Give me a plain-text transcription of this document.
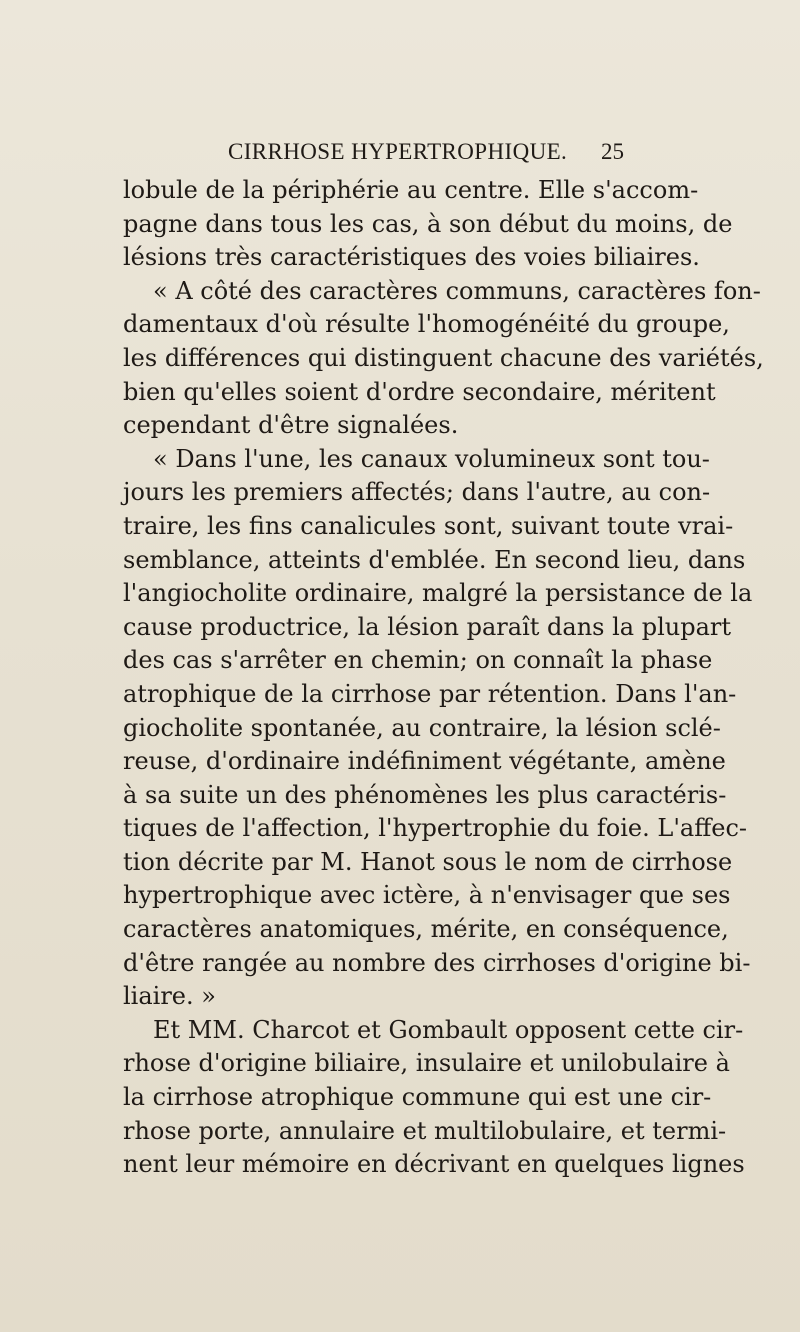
CIRRHOSE HYPERTROPHIQUE. 25
lobule de la périphérie au centre. Elle s'accom-
pagne dans tous les cas, à son début du moins, de
lésions très caractéristiques des voies biliaires.
« A côté des caractères communs, caractères fon-
damentaux d'où résulte l'homogénéité du groupe,
les différences qui distinguent chacune des variétés,
bien qu'elles soient d'ordre secondaire, méritent
cependant d'être signalées.
« Dans l'une, les canaux volumineux sont tou-
jours les premiers affectés; dans l'autre, au con-
traire, les fins canalicules sont, suivant toute vrai-
semblance, atteints d'emblée. En second lieu, dans
l'angiocholite ordinaire, malgré la persistance de la
cause productrice, la lésion paraît dans la plupart
des cas s'arrêter en chemin; on connaît la phase
atrophique de la cirrhose par rétention. Dans l'an-
giocholite spontanée, au contraire, la lésion sclé-
reuse, d'ordinaire indéfiniment végétante, amène
à sa suite un des phénomènes les plus caractéris-
tiques de l'affection, l'hypertrophie du foie. L'affec-
tion décrite par M. Hanot sous le nom de cirrhose
hypertrophique avec ictère, à n'envisager que ses
caractères anatomiques, mérite, en conséquence,
d'être rangée au nombre des cirrhoses d'origine bi-
liaire. »
Et MM. Charcot et Gombault opposent cette cir-
rhose d'origine biliaire, insulaire et unilobulaire à
la cirrhose atrophique commune qui est une cir-
rhose porte, annulaire et multilobulaire, et termi-
nent leur mémoire en décrivant en quelques lignes
